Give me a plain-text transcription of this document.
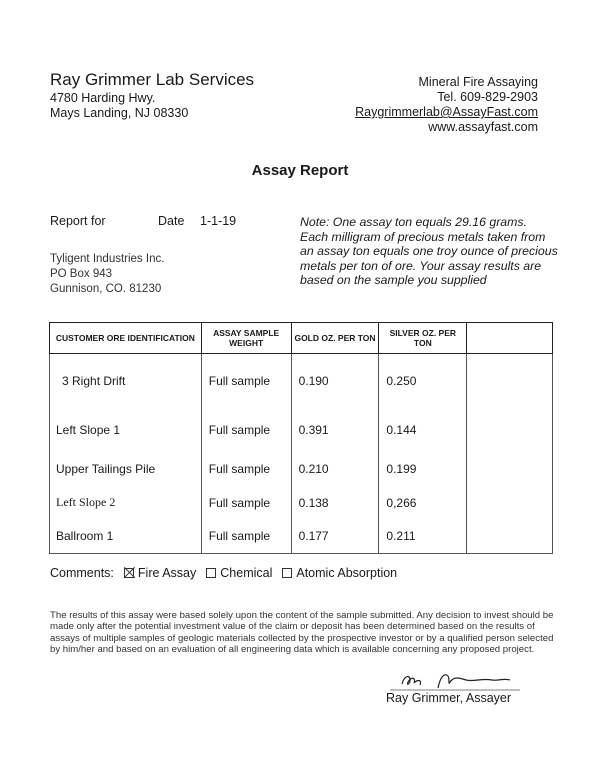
Ray Grimmer Lab Services
4780 Harding Hwy.
Mays Landing, NJ 08330
Mineral Fire Assaying
Tel. 609-829-2903
Raygrimmerlab@AssayFast.com
www.assayfast.com
Assay Report
Report for	Date 1-1-19	Note: One assay ton equals 29.16 grams. Each milligram of precious metals taken from an assay ton equals one troy ounce of precious metals per ton of ore. Your assay results are based on the sample you supplied
Tyligent Industries Inc.
PO Box 943
Gunnison, CO. 81230
CUSTOMER ORE IDENTIFICATION	ASSAY SAMPLE WEIGHT	GOLD OZ. PER TON	SILVER OZ. PER TON	
3 Right Drift	Full sample	0.190	0.250	
Left Slope 1	Full sample	0.391	0.144	
Upper Tailings Pile	Full sample	0.210	0.199	
Left Slope 2	Full sample	0.138	0,266	
Ballroom 1	Full sample	0.177	0.211	
Comments: Fire Assay Chemical Atomic Absorption
The results of this assay were based solely upon the content of the sample submitted. Any decision to invest should be made only after the potential investment value of the claim or deposit has been determined based on the results of assays of multiple samples of geologic materials collected by the prospective investor or by a qualified person selected by him/her and based on an evaluation of all engineering data which is available concerning any proposed project.
Ray Grimmer, Assayer
